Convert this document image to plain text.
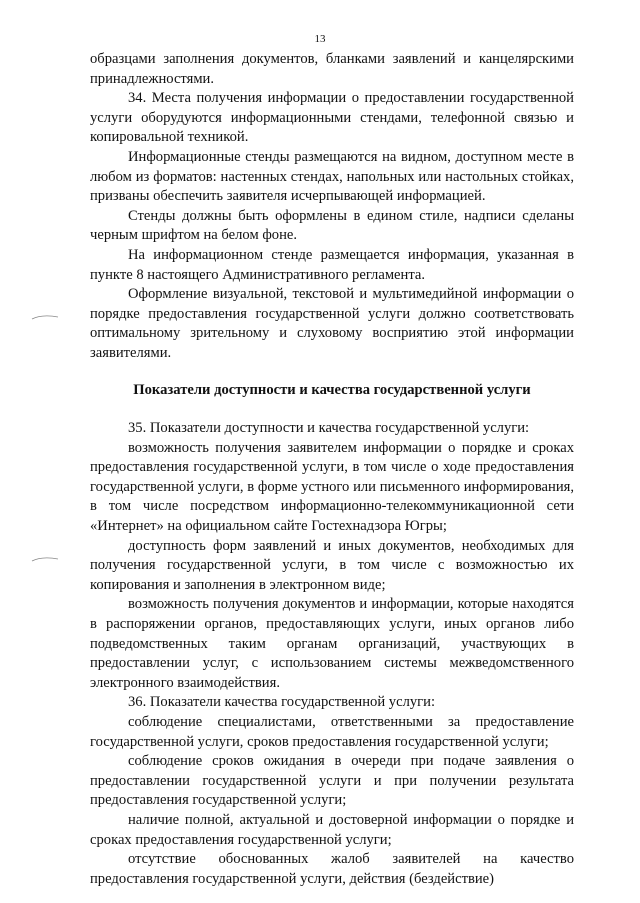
13

образцами заполнения документов, бланками заявлений и канцелярскими принадлежностями.

34. Места получения информации о предоставлении государственной услуги оборудуются информационными стендами, телефонной связью и копировальной техникой.

Информационные стенды размещаются на видном, доступном месте в любом из форматов: настенных стендах, напольных или настольных стойках, призваны обеспечить заявителя исчерпывающей информацией.

Стенды должны быть оформлены в едином стиле, надписи сделаны черным шрифтом на белом фоне.

На информационном стенде размещается информация, указанная в пункте 8 настоящего Административного регламента.

Оформление визуальной, текстовой и мультимедийной информации о порядке предоставления государственной услуги должно соответствовать оптимальному зрительному и слуховому восприятию этой информации заявителями.

Показатели доступности и качества государственной услуги

35. Показатели доступности и качества государственной услуги:

возможность получения заявителем информации о порядке и сроках предоставления государственной услуги, в том числе о ходе предоставления государственной услуги, в форме устного или письменного информирования, в том числе посредством информационно-телекоммуникационной сети «Интернет» на официальном сайте Гостехнадзора Югры;

доступность форм заявлений и иных документов, необходимых для получения государственной услуги, в том числе с возможностью их копирования и заполнения в электронном виде;

возможность получения документов и информации, которые находятся в распоряжении органов, предоставляющих услуги, иных органов либо подведомственных таким органам организаций, участвующих в предоставлении услуг, с использованием системы межведомственного электронного взаимодействия.

36. Показатели качества государственной услуги:

соблюдение специалистами, ответственными за предоставление государственной услуги, сроков предоставления государственной услуги;

соблюдение сроков ожидания в очереди при подаче заявления о предоставлении государственной услуги и при получении результата предоставления государственной услуги;

наличие полной, актуальной и достоверной информации о порядке и сроках предоставления государственной услуги;

отсутствие обоснованных жалоб заявителей на качество предоставления государственной услуги, действия (бездействие)
